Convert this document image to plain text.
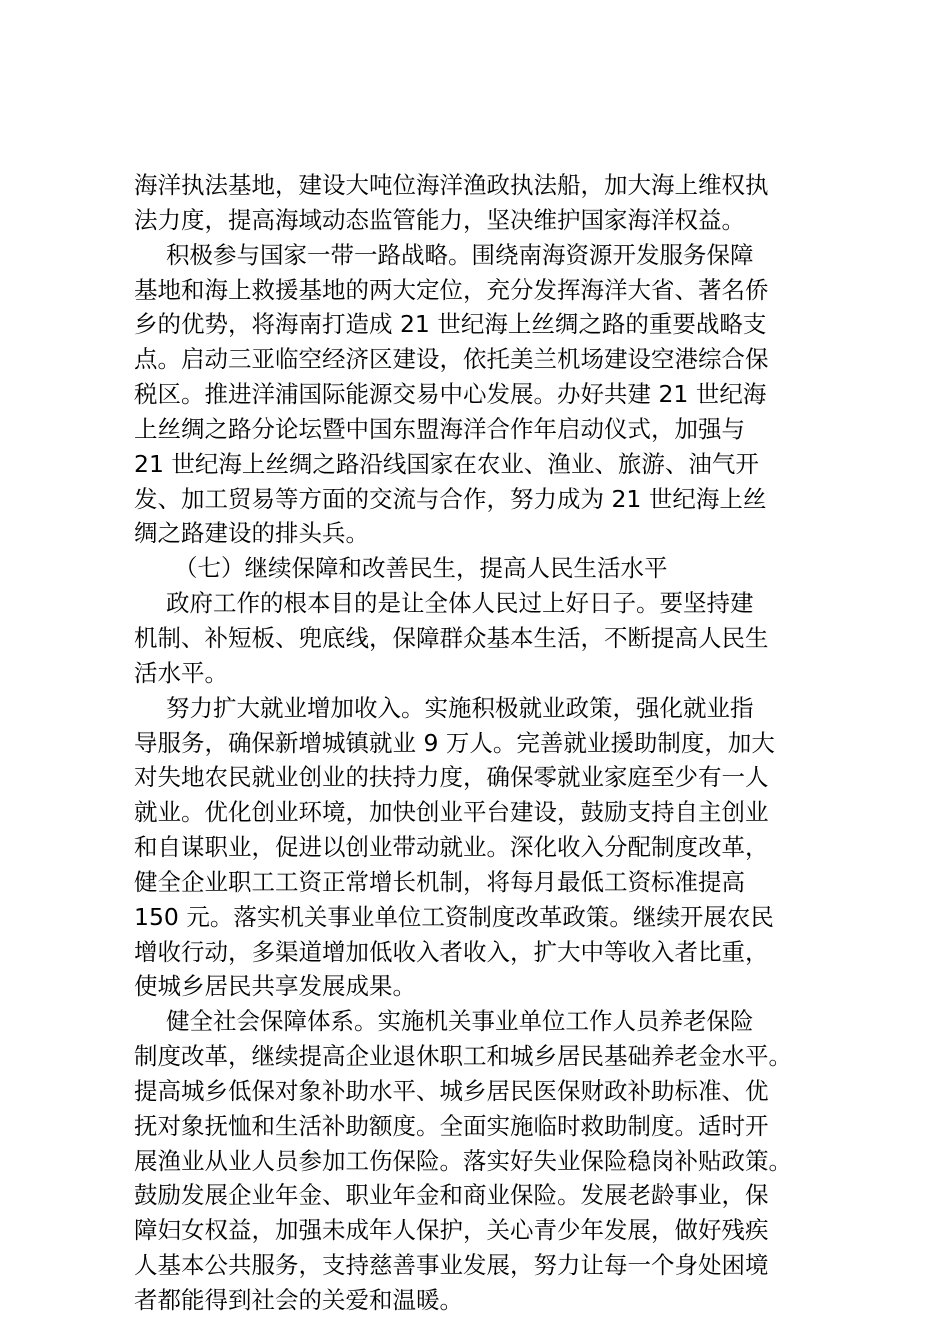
海洋执法基地，建设大吨位海洋渔政执法船，加大海上维权执
法力度，提高海域动态监管能力，坚决维护国家海洋权益。
积极参与国家一带一路战略。围绕南海资源开发服务保障
基地和海上救援基地的两大定位，充分发挥海洋大省、著名侨
乡的优势，将海南打造成 21 世纪海上丝绸之路的重要战略支
点。启动三亚临空经济区建设，依托美兰机场建设空港综合保
税区。推进洋浦国际能源交易中心发展。办好共建 21 世纪海
上丝绸之路分论坛暨中国东盟海洋合作年启动仪式，加强与
21 世纪海上丝绸之路沿线国家在农业、渔业、旅游、油气开
发、加工贸易等方面的交流与合作，努力成为 21 世纪海上丝
绸之路建设的排头兵。
（七）继续保障和改善民生，提高人民生活水平
政府工作的根本目的是让全体人民过上好日子。要坚持建
机制、补短板、兜底线，保障群众基本生活，不断提高人民生
活水平。
努力扩大就业增加收入。实施积极就业政策，强化就业指
导服务，确保新增城镇就业 9 万人。完善就业援助制度，加大
对失地农民就业创业的扶持力度，确保零就业家庭至少有一人
就业。优化创业环境，加快创业平台建设，鼓励支持自主创业
和自谋职业，促进以创业带动就业。深化收入分配制度改革，
健全企业职工工资正常增长机制，将每月最低工资标准提高
150 元。落实机关事业单位工资制度改革政策。继续开展农民
增收行动，多渠道增加低收入者收入，扩大中等收入者比重，
使城乡居民共享发展成果。
健全社会保障体系。实施机关事业单位工作人员养老保险
制度改革，继续提高企业退休职工和城乡居民基础养老金水平。
提高城乡低保对象补助水平、城乡居民医保财政补助标准、优
抚对象抚恤和生活补助额度。全面实施临时救助制度。适时开
展渔业从业人员参加工伤保险。落实好失业保险稳岗补贴政策。
鼓励发展企业年金、职业年金和商业保险。发展老龄事业，保
障妇女权益，加强未成年人保护，关心青少年发展，做好残疾
人基本公共服务，支持慈善事业发展，努力让每一个身处困境
者都能得到社会的关爱和温暖。
